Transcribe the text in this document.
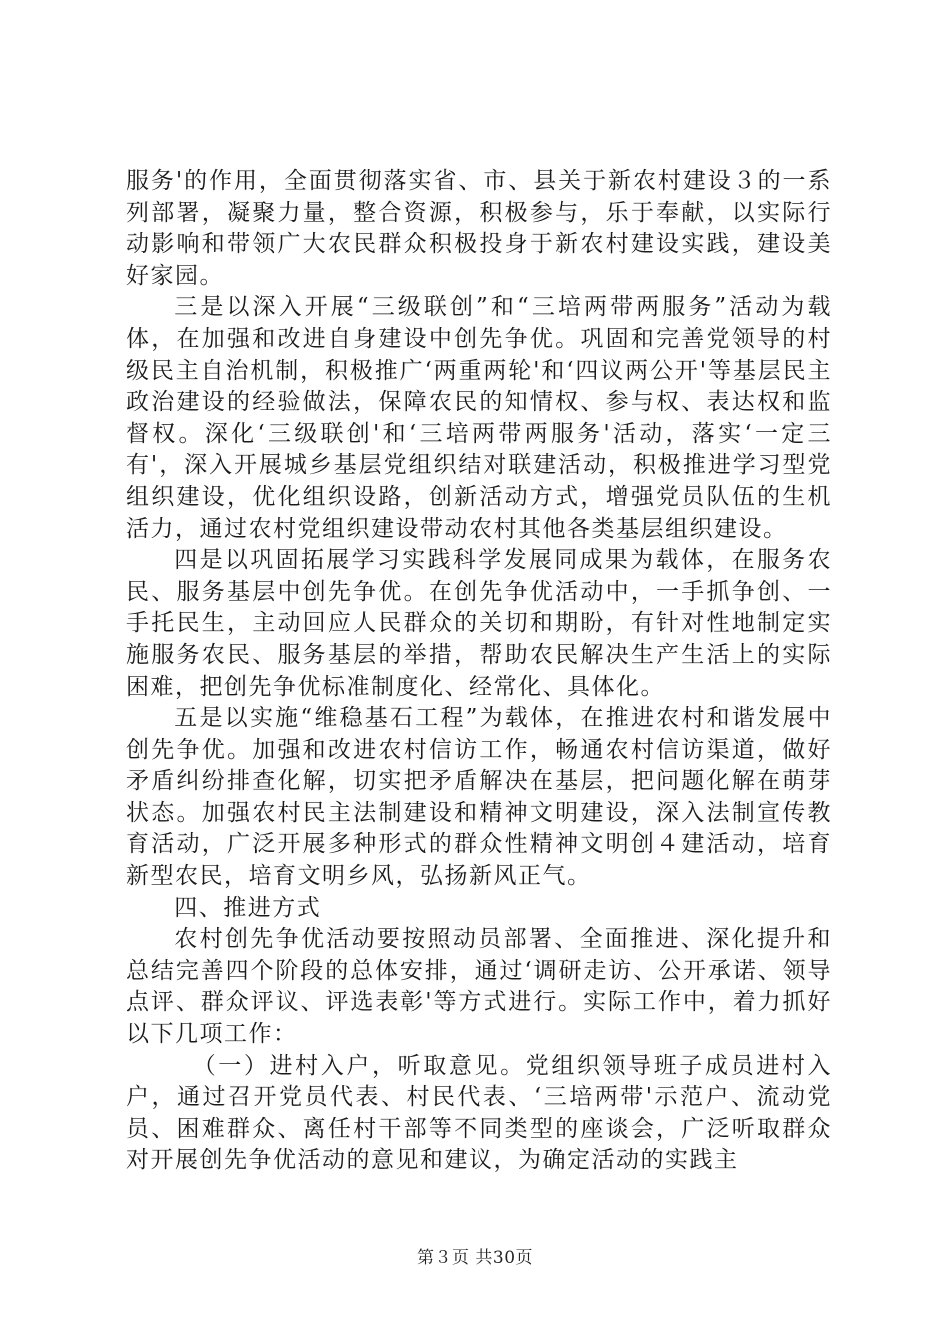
服务'的作用，全面贯彻落实省、市、县关于新农村建设３的一系列部署，凝聚力量，整合资源，积极参与，乐于奉献，以实际行动影响和带领广大农民群众积极投身于新农村建设实践，建设美好家园。

三是以深入开展“三级联创”和“三培两带两服务”活动为载体，在加强和改进自身建设中创先争优。巩固和完善党领导的村级民主自治机制，积极推广‘两重两轮'和‘四议两公开'等基层民主政治建设的经验做法，保障农民的知情权、参与权、表达权和监督权。深化‘三级联创'和‘三培两带两服务'活动，落实‘一定三有'，深入开展城乡基层党组织结对联建活动，积极推进学习型党组织建设，优化组织设路，创新活动方式，增强党员队伍的生机活力，通过农村党组织建设带动农村其他各类基层组织建设。

四是以巩固拓展学习实践科学发展同成果为载体，在服务农民、服务基层中创先争优。在创先争优活动中，一手抓争创、一手托民生，主动回应人民群众的关切和期盼，有针对性地制定实施服务农民、服务基层的举措，帮助农民解决生产生活上的实际困难，把创先争优标准制度化、经常化、具体化。

五是以实施“维稳基石工程”为载体，在推进农村和谐发展中创先争优。加强和改进农村信访工作，畅通农村信访渠道，做好矛盾纠纷排查化解，切实把矛盾解决在基层，把问题化解在萌芽状态。加强农村民主法制建设和精神文明建设，深入法制宣传教育活动，广泛开展多种形式的群众性精神文明创４建活动，培育新型农民，培育文明乡风，弘扬新风正气。

四、推进方式

农村创先争优活动要按照动员部署、全面推进、深化提升和总结完善四个阶段的总体安排，通过‘调研走访、公开承诺、领导点评、群众评议、评选表彰'等方式进行。实际工作中，着力抓好以下几项工作：

（一）进村入户，听取意见。党组织领导班子成员进村入户，通过召开党员代表、村民代表、‘三培两带'示范户、流动党员、困难群众、离任村干部等不同类型的座谈会，广泛听取群众对开展创先争优活动的意见和建议，为确定活动的实践主

第３页 共30页
